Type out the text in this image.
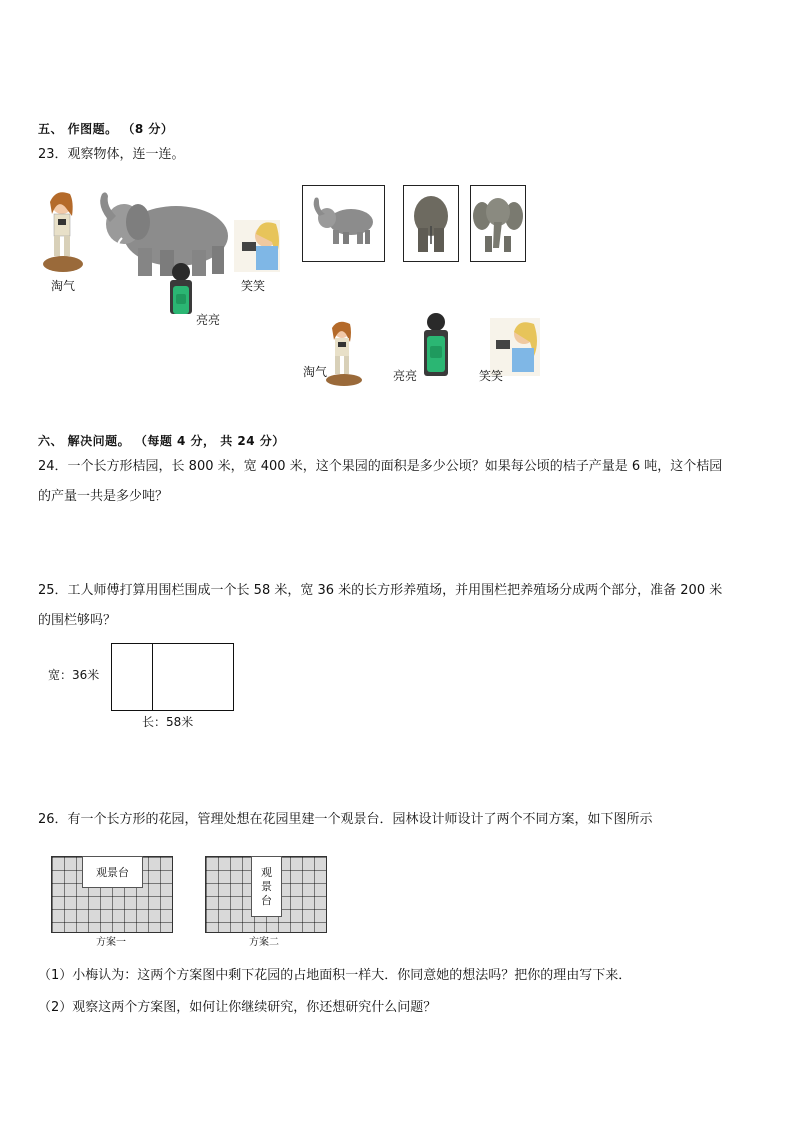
五、 作图题。 （8 分）
23．观察物体，连一连。
淘气
亮亮
笑笑
淘气	亮亮	笑笑
六、 解决问题。 （每题 4 分， 共 24 分）
24．一个长方形桔园，长 800 米，宽 400 米，这个果园的面积是多少公顷？如果每公顷的桔子产量是 6 吨，这个桔园
的产量一共是多少吨？
25．工人师傅打算用围栏围成一个长 58 米，宽 36 米的长方形养殖场，并用围栏把养殖场分成两个部分，准备 200 米
的围栏够吗？
宽：36米
长：58米
26．有一个长方形的花园，管理处想在花园里建一个观景台．园林设计师设计了两个不同方案，如下图所示
观景台
方案一
观
景
台
方案二
（1）小梅认为：这两个方案图中剩下花园的占地面积一样大．你同意她的想法吗？把你的理由写下来．
（2）观察这两个方案图，如何让你继续研究，你还想研究什么问题？
